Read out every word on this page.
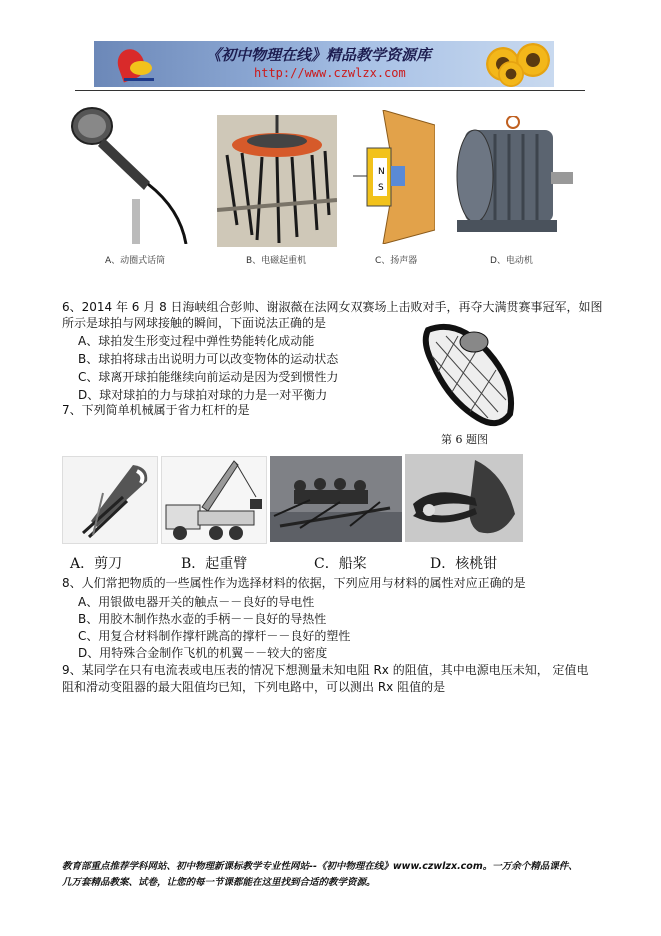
《初中物理在线》精品教学资源库
http://www.czwlzx.com
N
S
A、动圈式话筒	B、电磁起重机	C、扬声器	D、电动机
6、2014 年 6 月 8 日海峡组合彭帅、谢淑薇在法网女双赛场上击败对手，再夺大满贯赛事冠军，如图
所示是球拍与网球接触的瞬间，下面说法正确的是
A、球拍发生形变过程中弹性势能转化成动能
B、球拍将球击出说明力可以改变物体的运动状态
C、球离开球拍能继续向前运动是因为受到惯性力
D、球对球拍的力与球拍对球的力是一对平衡力
第 6 题图
7、下列简单机械属于省力杠杆的是
A．剪刀	B．起重臂	C．船桨	D．核桃钳
8、人们常把物质的一些属性作为选择材料的依据，下列应用与材料的属性对应正确的是
A、用银做电器开关的触点－－良好的导电性
B、用胶木制作热水壶的手柄－－良好的导热性
C、用复合材料制作撑杆跳高的撑杆－－良好的塑性
D、用特殊合金制作飞机的机翼－－较大的密度
9、某同学在只有电流表或电压表的情况下想测量未知电阻 Rx 的阻值，其中电源电压未知， 定值电
阻和滑动变阻器的最大阻值均已知，下列电路中，可以测出 Rx 阻值的是
教育部重点推荐学科网站、初中物理新课标教学专业性网站--《初中物理在线》www.czwlzx.com。一万余个精品课件、
几万套精品教案、试卷，让您的每一节课都能在这里找到合适的教学资源。
